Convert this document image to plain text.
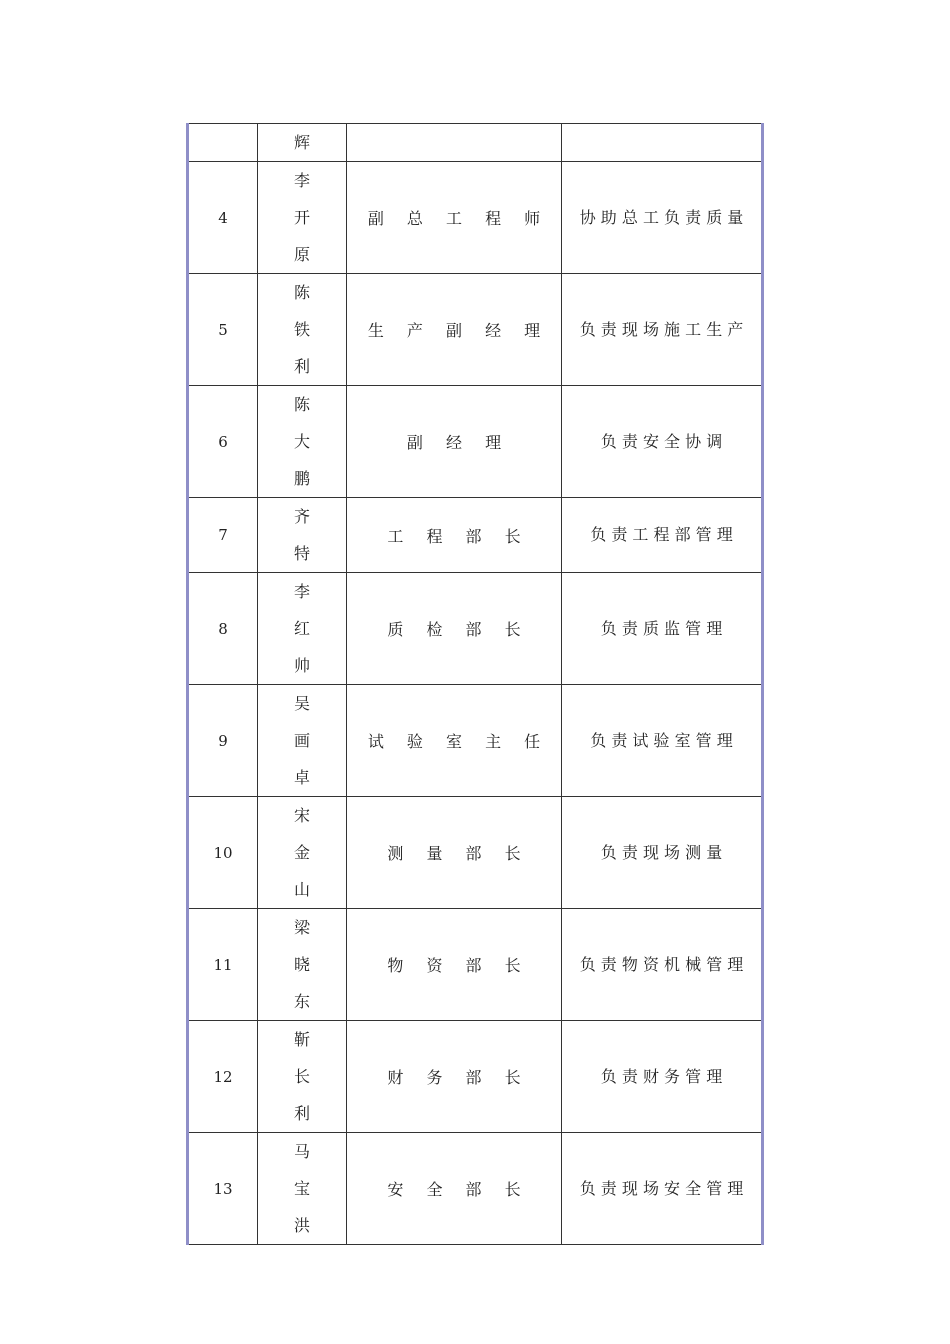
	辉		

4	李
开
原	副 总 工 程 师	协 助 总 工 负 责 质 量

5	陈
铁
利	生 产 副 经 理	负 责 现 场 施 工 生 产

6	陈
大
鹏	副 经 理	负 责 安 全 协 调

7	齐
特	工 程 部 长	负 责 工 程 部 管 理

8	李
红
帅	质 检 部 长	负 责 质 监 管 理

9	吴
画
卓	试 验 室 主 任	负 责 试 验 室 管 理

10	宋
金
山	测 量 部 长	负 责 现 场 测 量

11	梁
晓
东	物 资 部 长	负 责 物 资 机 械 管 理

12	靳
长
利	财 务 部 长	负 责 财 务 管 理

13	马
宝
洪	安 全 部 长	负 责 现 场 安 全 管 理
